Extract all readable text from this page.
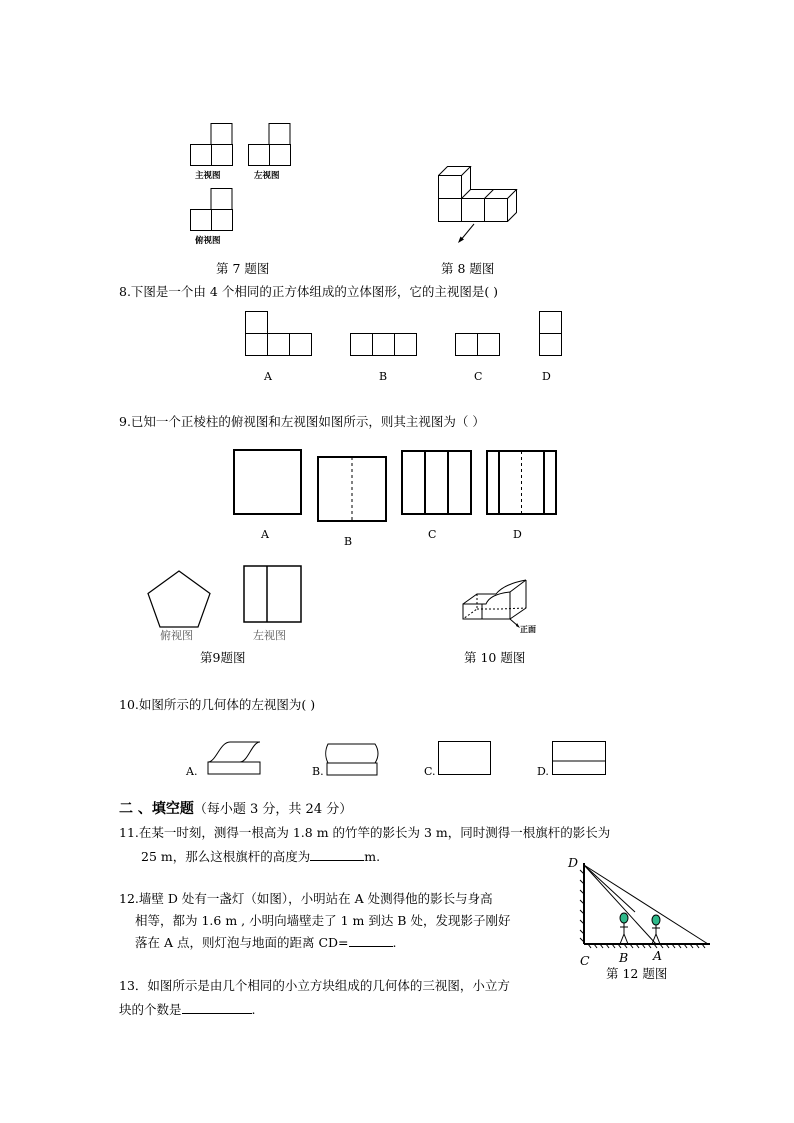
主视图	左视图
俯视图
第 7 题图	第 8 题图
8.下图是一个由 4 个相同的正方体组成的立体图形，它的主视图是( )
A	B	C	D
9.已知一个正棱柱的俯视图和左视图如图所示，则其主视图为（ ）
A
B
C	D
俯视图	左视图
第9题图
正面
第 10 题图
10.如图所示的几何体的左视图为( )
A.	B.	C.	D.
二 、填空题（每小题 3 分，共 24 分）
11.在某一时刻，测得一根高为 1.8 m 的竹竿的影长为 3 m，同时测得一根旗杆的影长为
25 m，那么这根旗杆的高度为	m.
12.墙壁 D 处有一盏灯（如图），小明站在 A 处测得他的影长与身高
相等，都为 1.6 m , 小明向墙壁走了 1 m 到达 B 处，发现影子刚好
落在 A 点，则灯泡与地面的距离 CD=	.
D
C B A
第 12 题图
13．如图所示是由几个相同的小立方块组成的几何体的三视图，小立方
块的个数是	.
